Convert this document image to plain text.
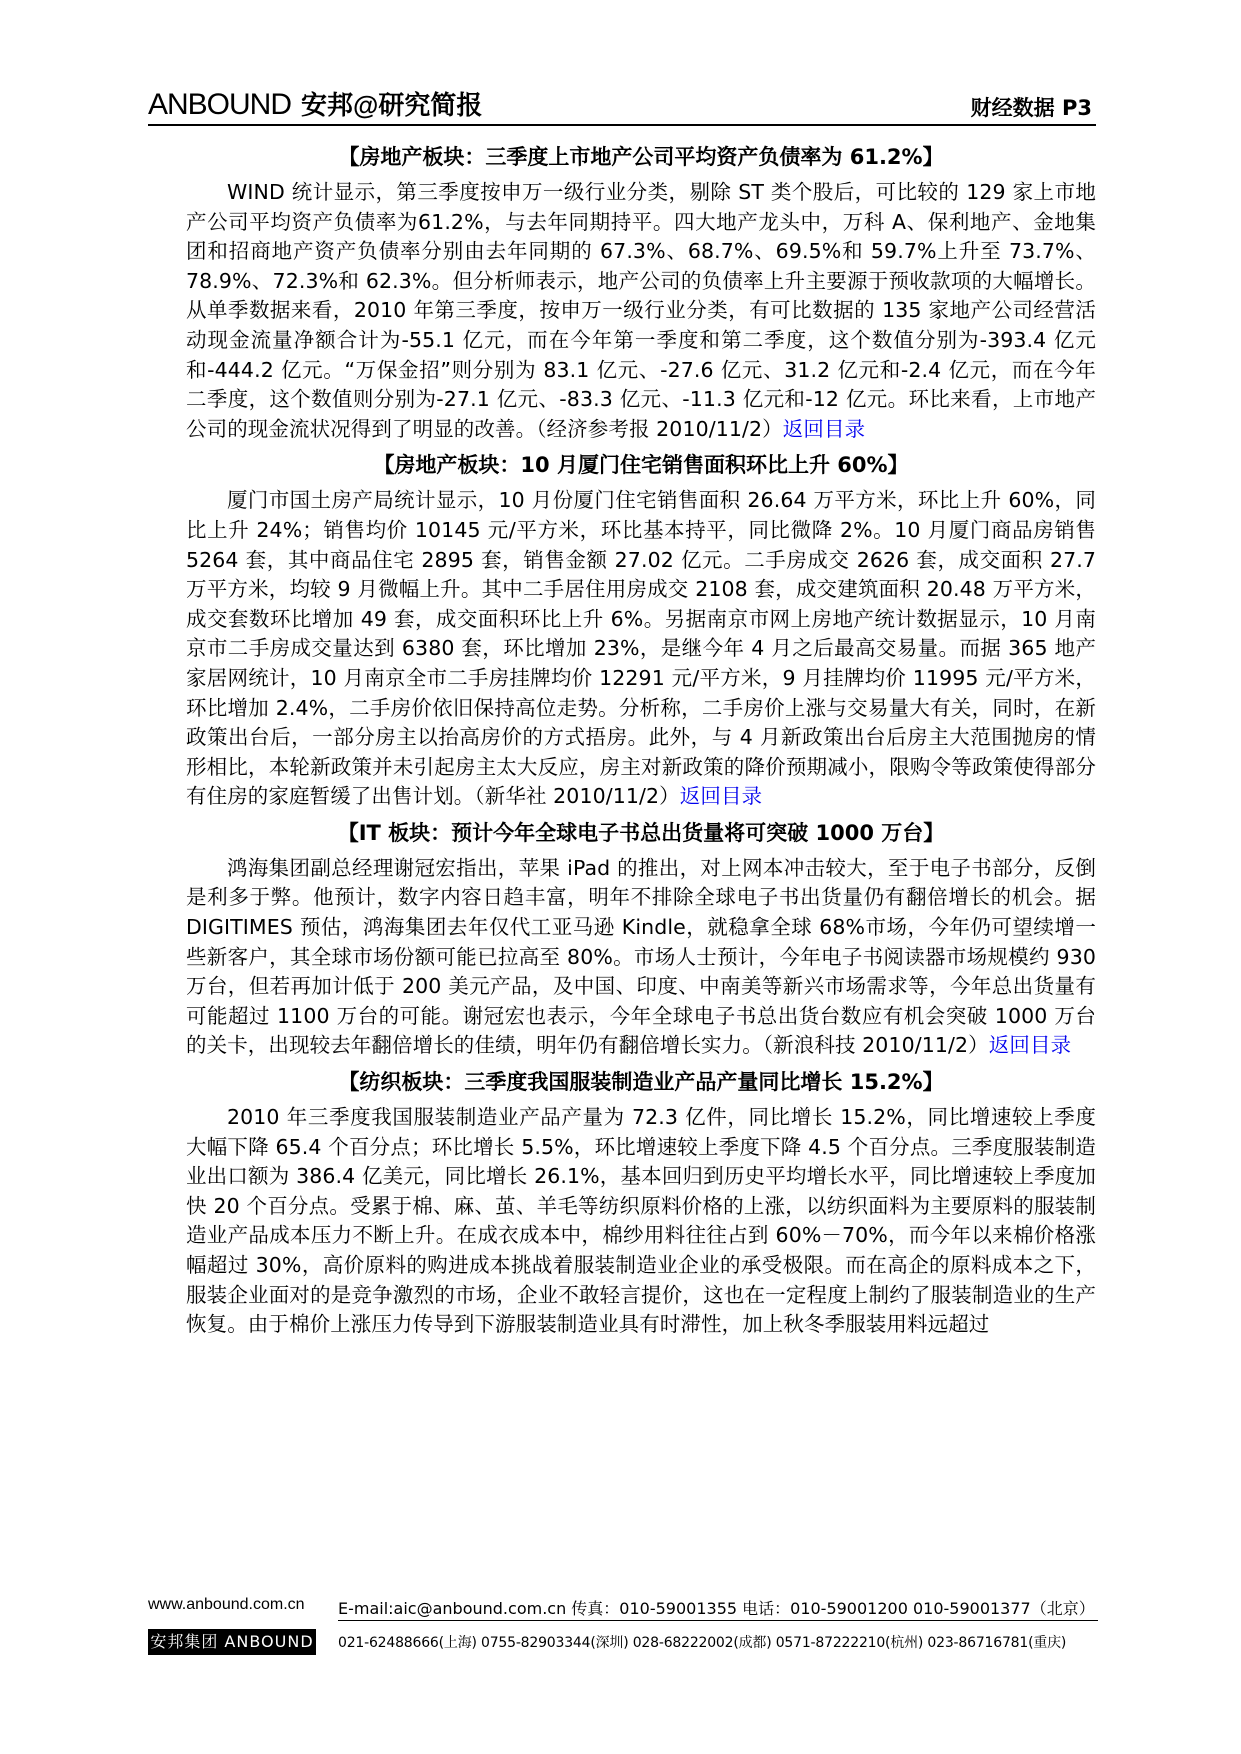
ANBOUND 安邦@研究简报	财经数据 P3
【房地产板块：三季度上市地产公司平均资产负债率为 61.2%】

WIND 统计显示，第三季度按申万一级行业分类，剔除 ST 类个股后，可比较的 129 家上市地产公司平均资产负债率为61.2%，与去年同期持平。四大地产龙头中，万科 A、保利地产、金地集团和招商地产资产负债率分别由去年同期的 67.3%、68.7%、69.5%和 59.7%上升至 73.7%、78.9%、72.3%和 62.3%。但分析师表示，地产公司的负债率上升主要源于预收款项的大幅增长。从单季数据来看，2010 年第三季度，按申万一级行业分类，有可比数据的 135 家地产公司经营活动现金流量净额合计为-55.1 亿元，而在今年第一季度和第二季度，这个数值分别为-393.4 亿元和-444.2 亿元。“万保金招”则分别为 83.1 亿元、-27.6 亿元、31.2 亿元和-2.4 亿元，而在今年二季度，这个数值则分别为-27.1 亿元、-83.3 亿元、-11.3 亿元和-12 亿元。环比来看，上市地产公司的现金流状况得到了明显的改善。（经济参考报 2010/11/2）返回目录

【房地产板块：10 月厦门住宅销售面积环比上升 60%】

厦门市国土房产局统计显示，10 月份厦门住宅销售面积 26.64 万平方米，环比上升 60%，同比上升 24%；销售均价 10145 元/平方米，环比基本持平，同比微降 2%。10 月厦门商品房销售 5264 套，其中商品住宅 2895 套，销售金额 27.02 亿元。二手房成交 2626 套，成交面积 27.7 万平方米，均较 9 月微幅上升。其中二手居住用房成交 2108 套，成交建筑面积 20.48 万平方米，成交套数环比增加 49 套，成交面积环比上升 6%。另据南京市网上房地产统计数据显示，10 月南京市二手房成交量达到 6380 套，环比增加 23%，是继今年 4 月之后最高交易量。而据 365 地产家居网统计，10 月南京全市二手房挂牌均价 12291 元/平方米，9 月挂牌均价 11995 元/平方米，环比增加 2.4%，二手房价依旧保持高位走势。分析称，二手房价上涨与交易量大有关，同时，在新政策出台后，一部分房主以抬高房价的方式捂房。此外，与 4 月新政策出台后房主大范围抛房的情形相比，本轮新政策并未引起房主太大反应，房主对新政策的降价预期减小，限购令等政策使得部分有住房的家庭暂缓了出售计划。（新华社 2010/11/2）返回目录

【IT 板块：预计今年全球电子书总出货量将可突破 1000 万台】

鸿海集团副总经理谢冠宏指出，苹果 iPad 的推出，对上网本冲击较大，至于电子书部分，反倒是利多于弊。他预计，数字内容日趋丰富，明年不排除全球电子书出货量仍有翻倍增长的机会。据 DIGITIMES 预估，鸿海集团去年仅代工亚马逊 Kindle，就稳拿全球 68%市场，今年仍可望续增一些新客户，其全球市场份额可能已拉高至 80%。市场人士预计，今年电子书阅读器市场规模约 930 万台，但若再加计低于 200 美元产品，及中国、印度、中南美等新兴市场需求等，今年总出货量有可能超过 1100 万台的可能。谢冠宏也表示，今年全球电子书总出货台数应有机会突破 1000 万台的关卡，出现较去年翻倍增长的佳绩，明年仍有翻倍增长实力。（新浪科技 2010/11/2）返回目录

【纺织板块：三季度我国服装制造业产品产量同比增长 15.2%】

2010 年三季度我国服装制造业产品产量为 72.3 亿件，同比增长 15.2%，同比增速较上季度大幅下降 65.4 个百分点；环比增长 5.5%，环比增速较上季度下降 4.5 个百分点。三季度服装制造业出口额为 386.4 亿美元，同比增长 26.1%，基本回归到历史平均增长水平，同比增速较上季度加快 20 个百分点。受累于棉、麻、茧、羊毛等纺织原料价格的上涨，以纺织面料为主要原料的服装制造业产品成本压力不断上升。在成衣成本中，棉纱用料往往占到 60%－70%，而今年以来棉价格涨幅超过 30%，高价原料的购进成本挑战着服装制造业企业的承受极限。而在高企的原料成本之下，服装企业面对的是竞争激烈的市场，企业不敢轻言提价，这也在一定程度上制约了服装制造业的生产恢复。由于棉价上涨压力传导到下游服装制造业具有时滞性，加上秋冬季服装用料远超过

www.anbound.com.cn E-mail:aic@anbound.com.cn 传真：010-59001355 电话：010-59001200 010-59001377（北京）
安邦集团 ANBOUND 021-62488666(上海) 0755-82903344(深圳) 028-68222002(成都) 0571-87222210(杭州) 023-86716781(重庆)
